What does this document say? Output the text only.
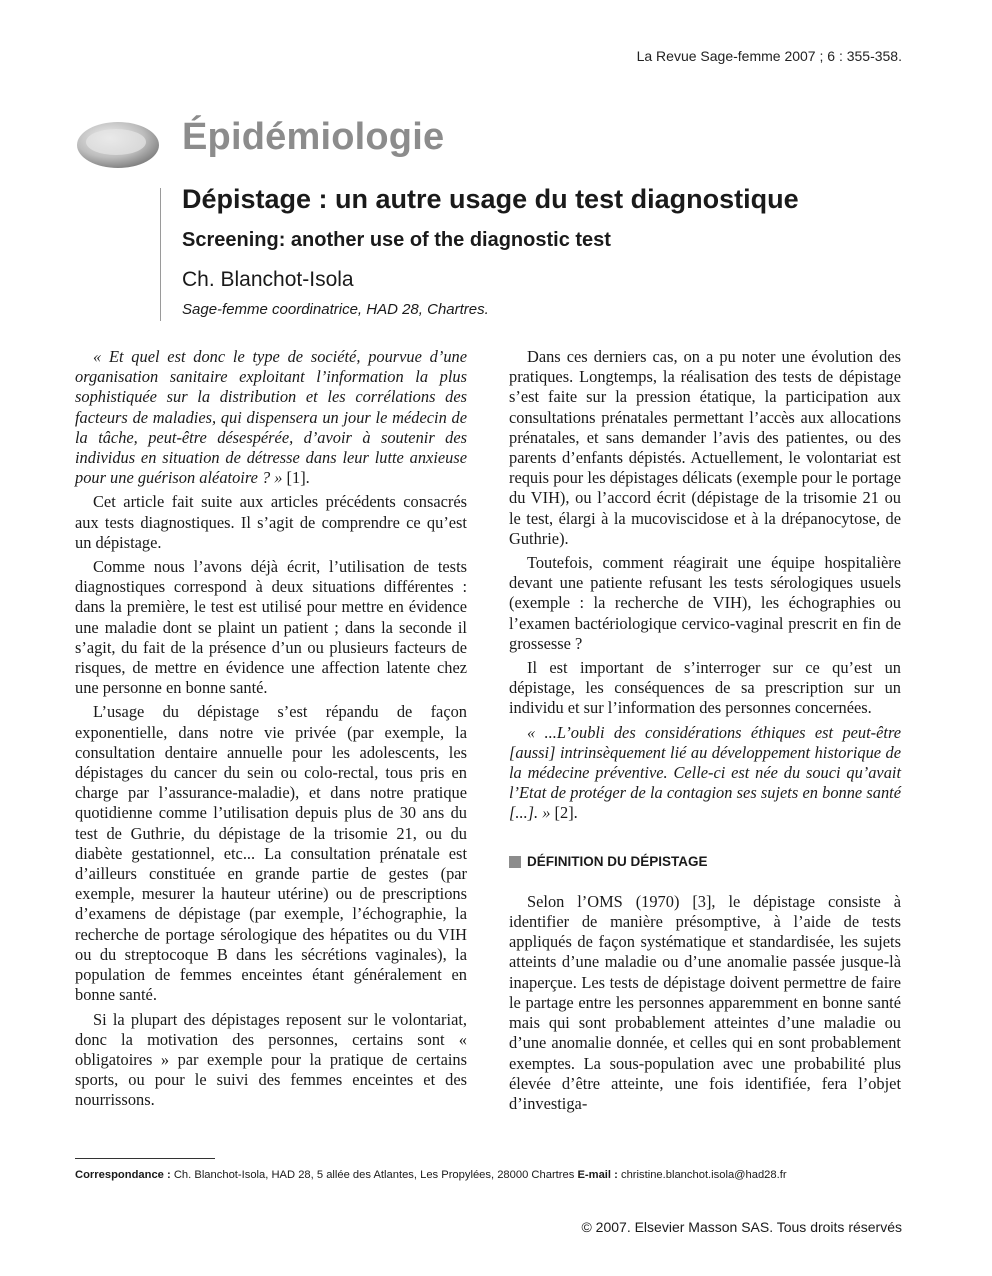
La Revue Sage-femme 2007 ; 6 : 355-358.
Épidémiologie
Dépistage : un autre usage du test diagnostique
Screening: another use of the diagnostic test
Ch. Blanchot-Isola
Sage-femme coordinatrice, HAD 28, Chartres.

« Et quel est donc le type de société, pourvue d’une organisation sanitaire exploitant l’information la plus sophistiquée sur la distribution et les corrélations des facteurs de maladies, qui dispensera un jour le médecin de la tâche, peut-être désespérée, d’avoir à soutenir des individus en situation de détresse dans leur lutte anxieuse pour une guérison aléatoire ? » [1].

Cet article fait suite aux articles précédents consacrés aux tests diagnostiques. Il s’agit de comprendre ce qu’est un dépistage.

Comme nous l’avons déjà écrit, l’utilisation de tests diagnostiques correspond à deux situations différentes : dans la première, le test est utilisé pour mettre en évidence une maladie dont se plaint un patient ; dans la seconde il s’agit, du fait de la présence d’un ou plusieurs facteurs de risques, de mettre en évidence une affection latente chez une personne en bonne santé.

L’usage du dépistage s’est répandu de façon exponentielle, dans notre vie privée (par exemple, la consultation dentaire annuelle pour les adolescents, les dépistages du cancer du sein ou colo-rectal, tous pris en charge par l’assurance-maladie), et dans notre pratique quotidienne comme l’utilisation depuis plus de 30 ans du test de Guthrie, du dépistage de la trisomie 21, ou du diabète gestationnel, etc... La consultation prénatale est d’ailleurs constituée en grande partie de gestes (par exemple, mesurer la hauteur utérine) ou de prescriptions d’examens de dépistage (par exemple, l’échographie, la recherche de portage sérologique des hépatites ou du VIH ou du streptocoque B dans les sécrétions vaginales), la population de femmes enceintes étant généralement en bonne santé.

Si la plupart des dépistages reposent sur le volontariat, donc la motivation des personnes, certains sont « obligatoires » par exemple pour la pratique de certains sports, ou pour le suivi des femmes enceintes et des nourrissons.

Dans ces derniers cas, on a pu noter une évolution des pratiques. Longtemps, la réalisation des tests de dépistage s’est faite sur la pression étatique, la participation aux consultations prénatales permettant l’accès aux allocations prénatales, et sans demander l’avis des patientes, ou des parents d’enfants dépistés. Actuellement, le volontariat est requis pour les dépistages délicats (exemple pour le portage du VIH), ou l’accord écrit (dépistage de la trisomie 21 ou le test, élargi à la mucoviscidose et à la drépanocytose, de Guthrie).

Toutefois, comment réagirait une équipe hospitalière devant une patiente refusant les tests sérologiques usuels (exemple : la recherche de VIH), les échographies ou l’examen bactériologique cervico-vaginal prescrit en fin de grossesse ?

Il est important de s’interroger sur ce qu’est un dépistage, les conséquences de sa prescription sur un individu et sur l’information des personnes concernées.

« ...L’oubli des considérations éthiques est peut-être [aussi] intrinsèquement lié au développement historique de la médecine préventive. Celle-ci est née du souci qu’avait l’Etat de protéger de la contagion ses sujets en bonne santé [...]. » [2].

DÉFINITION DU DÉPISTAGE

Selon l’OMS (1970) [3], le dépistage consiste à identifier de manière présomptive, à l’aide de tests appliqués de façon systématique et standardisée, les sujets atteints d’une maladie ou d’une anomalie passée jusque-là inaperçue. Les tests de dépistage doivent permettre de faire le partage entre les personnes apparemment en bonne santé mais qui sont probablement atteintes d’une maladie ou d’une anomalie donnée, et celles qui en sont probablement exemptes. La sous-population avec une probabilité plus élevée d’être atteinte, une fois identifiée, fera l’objet d’investiga-

Correspondance : Ch. Blanchot-Isola, HAD 28, 5 allée des Atlantes, Les Propylées, 28000 Chartres E-mail : christine.blanchot.isola@had28.fr
© 2007. Elsevier Masson SAS. Tous droits réservés
